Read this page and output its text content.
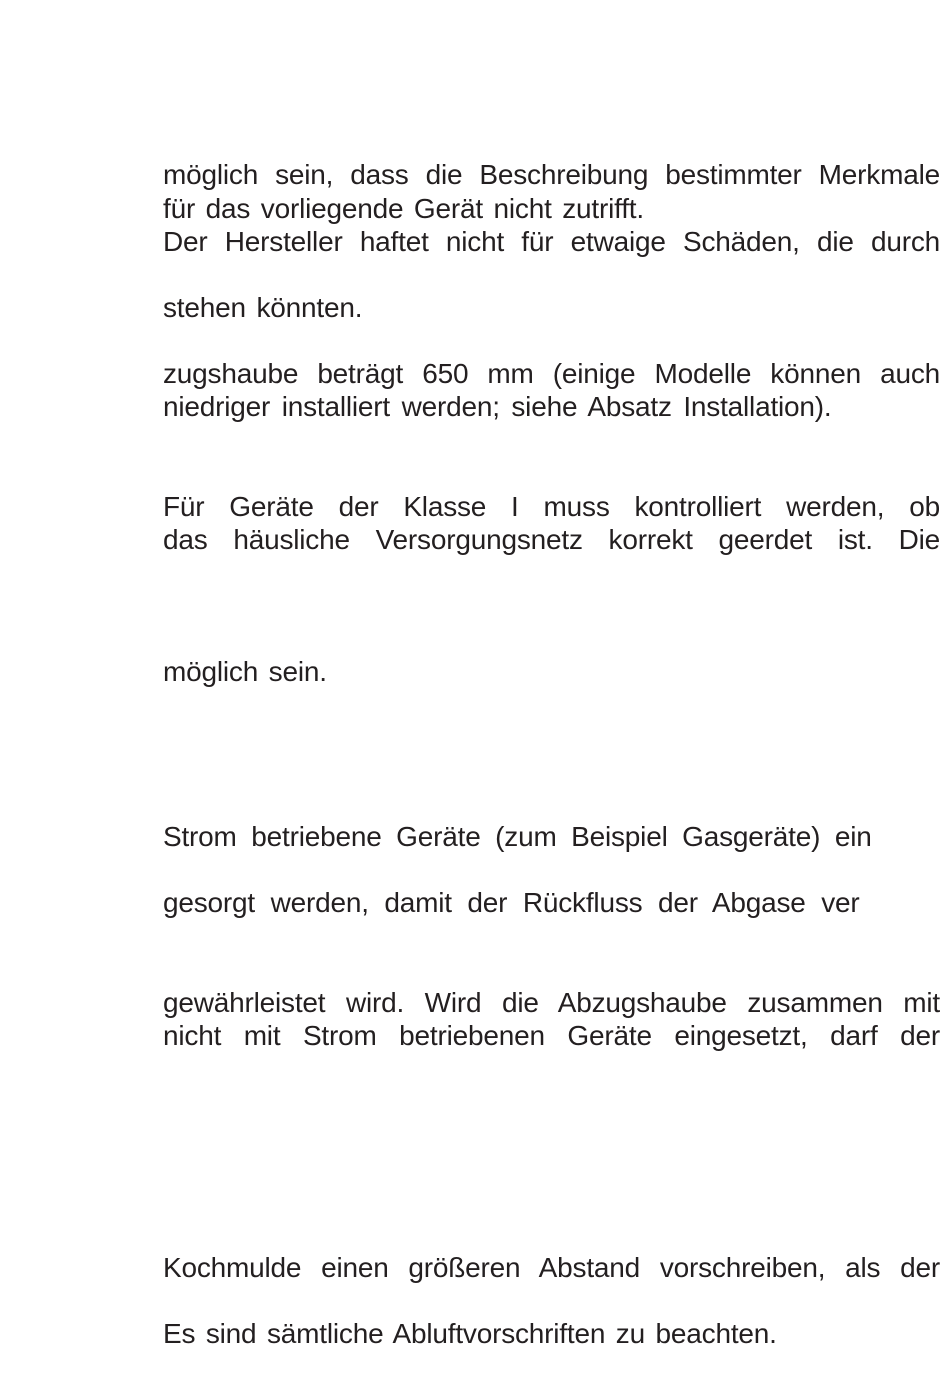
möglich sein, dass die Beschreibung bestimmter Merkmale
für das vorliegende Gerät nicht zutrifft.
Der Hersteller haftet nicht für etwaige Schäden, die durch
stehen könnten.
zugshaube beträgt 650 mm (einige Modelle können auch
niedriger installiert werden; siehe Absatz Installation).
Für Geräte der Klasse I muss kontrolliert werden, ob
das häusliche Versorgungsnetz korrekt geerdet ist. Die
möglich sein.
Strom betriebene Geräte (zum Beispiel Gasgeräte) ein
gesorgt werden, damit der Rückfluss der Abgase ver
gewährleistet wird. Wird die Abzugshaube zusammen mit
nicht mit Strom betriebenen Geräte eingesetzt, darf der
Kochmulde einen größeren Abstand vorschreiben, als der
Es sind sämtliche Abluftvorschriften zu beachten.
